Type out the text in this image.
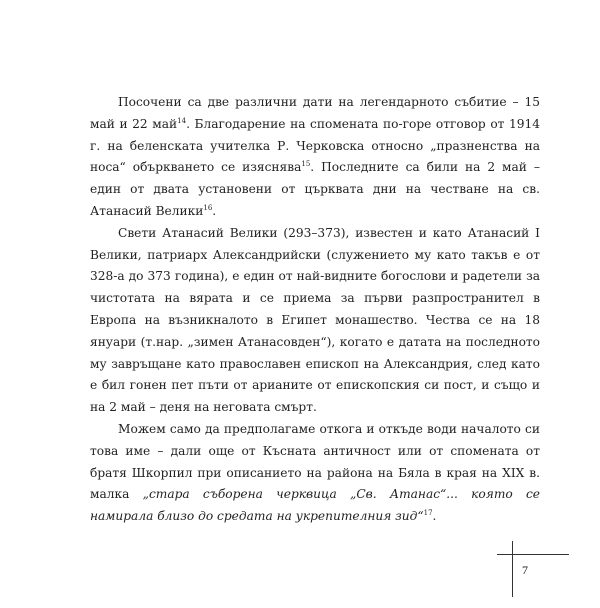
Посочени са две различни дати на легендарното събитие – 15 май и 22 май$^{14}$. Благодарение на спомената по-горе отговор от 1914 г. на беленската учителка Р. Черковска относно „празненства на носа“ объркването се изяснява$^{15}$. Последните са били на 2 май – един от двата установени от църквата дни на честване на св. Атанасий Велики$^{16}$.

Свети Атанасий Велики (293–373), известен и като Атанасий I Велики, патриарх Александрийски (служението му като такъв е от 328-а до 373 година), е един от най-видните богослови и радетели за чистотата на вярата и се приема за първи разпространител в Европа на възникналото в Египет монашество. Чества се на 18 януари (т.нар. „зимен Атанасовден“), когато е датата на последното му завръщане като православен епископ на Александрия, след като е бил гонен пет пъти от арианите от епископския си пост, и също и на 2 май – деня на неговата смърт.

Можем само да предполагаме откога и откъде води началото си това име – дали още от Късната античност или от спомената от братя Шкорпил при описанието на района на Бяла в края на XIX в. малка „стара съборена черквица „Св. Атанас“... която се намирала близо до средата на укрепителния зид“$^{17}$.

7
